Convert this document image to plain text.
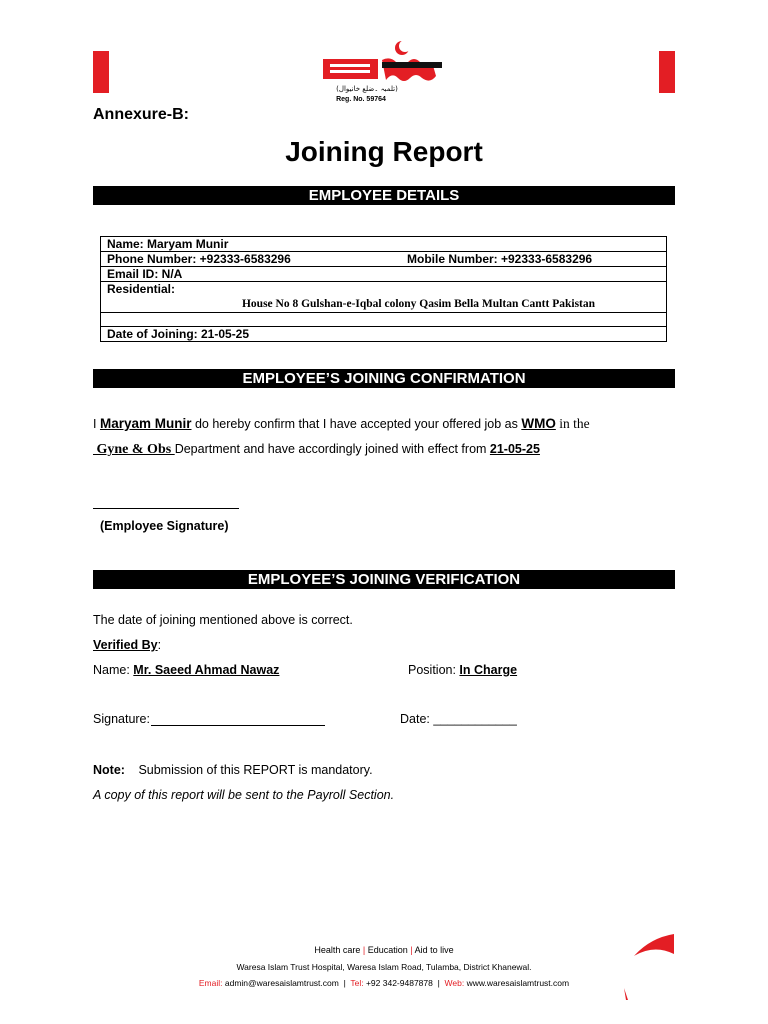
(تلمبہ ۔ضلع خانیوال)
Reg. No. 59764
Annexure-B:
Joining Report
EMPLOYEE DETAILS
Name: Maryam Munir
Phone Number: +92333-6583296	Mobile Number: +92333-6583296
Email ID: N/A
Residential:
House No 8 Gulshan-e-Iqbal colony Qasim Bella Multan Cantt Pakistan

Date of Joining: 21-05-25
EMPLOYEE’S JOINING CONFIRMATION
I Maryam Munir do hereby confirm that I have accepted your offered job as WMO in the
Gyne & Obs Department and have accordingly joined with effect from 21-05-25
(Employee Signature)
EMPLOYEE’S JOINING VERIFICATION
The date of joining mentioned above is correct.
Verified By:
Name: Mr. Saeed Ahmad Nawaz	Position: In Charge
Signature:	Date: ____________
Note: Submission of this REPORT is mandatory.
A copy of this report will be sent to the Payroll Section.
Health care | Education | Aid to live
Waresa Islam Trust Hospital, Waresa Islam Road, Tulamba, District Khanewal.
Email: admin@waresaislamtrust.com | Tel: +92 342-9487878 | Web: www.waresaislamtrust.com
